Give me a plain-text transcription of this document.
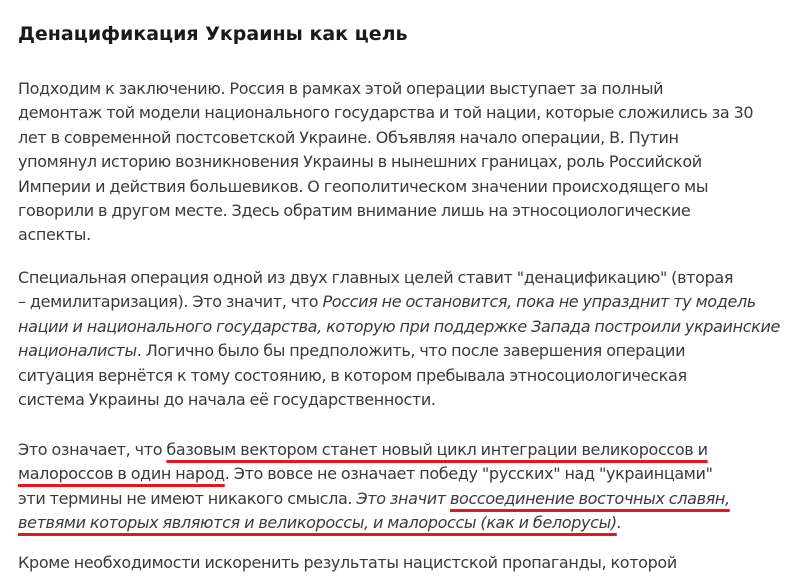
Денацификация Украины как цель

Подходим к заключению. Россия в рамках этой операции выступает за полный
демонтаж той модели национального государства и той нации, которые сложились за 30
лет в современной постсоветской Украине. Объявляя начало операции, В. Путин
упомянул историю возникновения Украины в нынешних границах, роль Российской
Империи и действия большевиков. О геополитическом значении происходящего мы
говорили в другом месте. Здесь обратим внимание лишь на этносоциологические
аспекты.

Специальная операция одной из двух главных целей ставит "денацификацию" (вторая
– демилитаризация). Это значит, что Россия не остановится, пока не упразднит ту модель
нации и национального государства, которую при поддержке Запада построили украинские
националисты. Логично было бы предположить, что после завершения операции
ситуация вернётся к тому состоянию, в котором пребывала этносоциологическая
система Украины до начала её государственности.

Это означает, что базовым вектором станет новый цикл интеграции великороссов и
малороссов в один народ. Это вовсе не означает победу "русских" над "украинцами"
эти термины не имеют никакого смысла. Это значит воссоединение восточных славян,
ветвями которых являются и великороссы, и малороссы (как и белорусы).

Кроме необходимости искоренить результаты нацистской пропаганды, которой
